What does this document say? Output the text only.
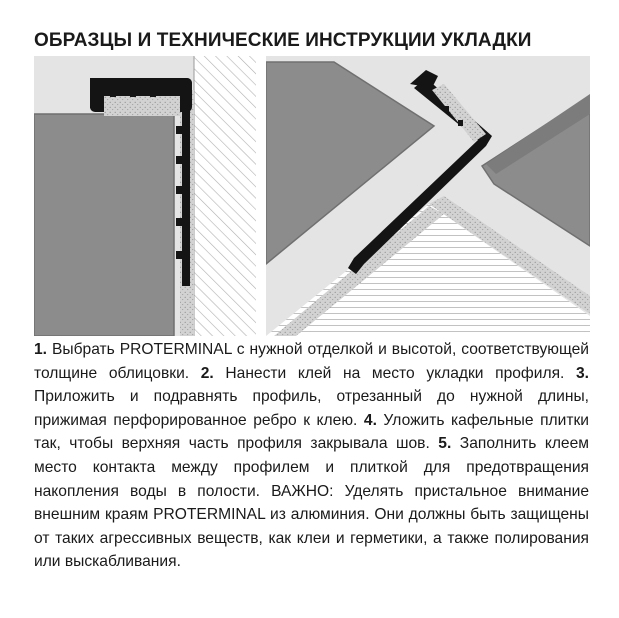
ОБРАЗЦЫ И ТЕХНИЧЕСКИЕ ИНСТРУКЦИИ УКЛАДКИ

1. Выбрать PROTERMINAL с нужной отделкой и высотой, соответствующей толщине облицовки. 2. Нанести клей на место укладки профиля. 3. Приложить и подравнять профиль, отрезанный до нужной длины, прижимая перфорированное ребро к клею. 4. Уложить кафельные плитки так, чтобы верхняя часть профиля закрывала шов. 5. Заполнить клеем место контакта между профилем и плиткой для предотвращения накопления воды в полости. ВАЖНО: Уделять пристальное внимание внешним краям PROTERMINAL из алюминия. Они должны быть защищены от таких агрессивных веществ, как клеи и герметики, а также полирования или выскабливания.
